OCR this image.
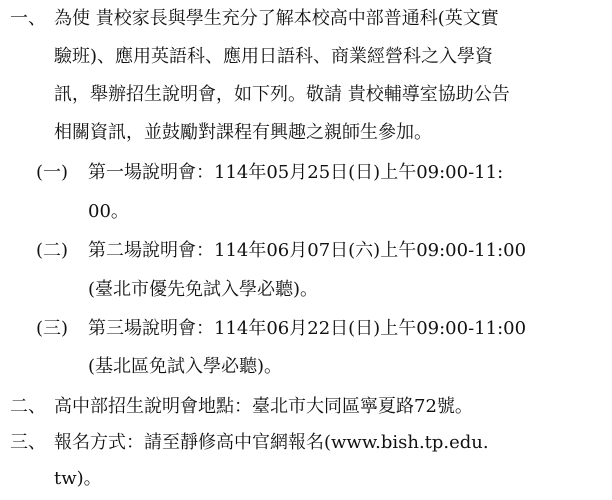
一、 為使 貴校家長與學生充分了解本校高中部普通科(英文實
驗班)、應用英語科、應用日語科、商業經營科之入學資
訊，舉辦招生說明會，如下列。敬請 貴校輔導室協助公告
相關資訊，並鼓勵對課程有興趣之親師生參加。
(一) 第一場說明會：114年05月25日(日)上午09:00-11:
00。
(二) 第二場說明會：114年06月07日(六)上午09:00-11:00
(臺北市優先免試入學必聽)。
(三) 第三場說明會：114年06月22日(日)上午09:00-11:00
(基北區免試入學必聽)。
二、 高中部招生說明會地點：臺北市大同區寧夏路72號。
三、 報名方式：請至靜修高中官網報名(www.bish.tp.edu.
tw)。
